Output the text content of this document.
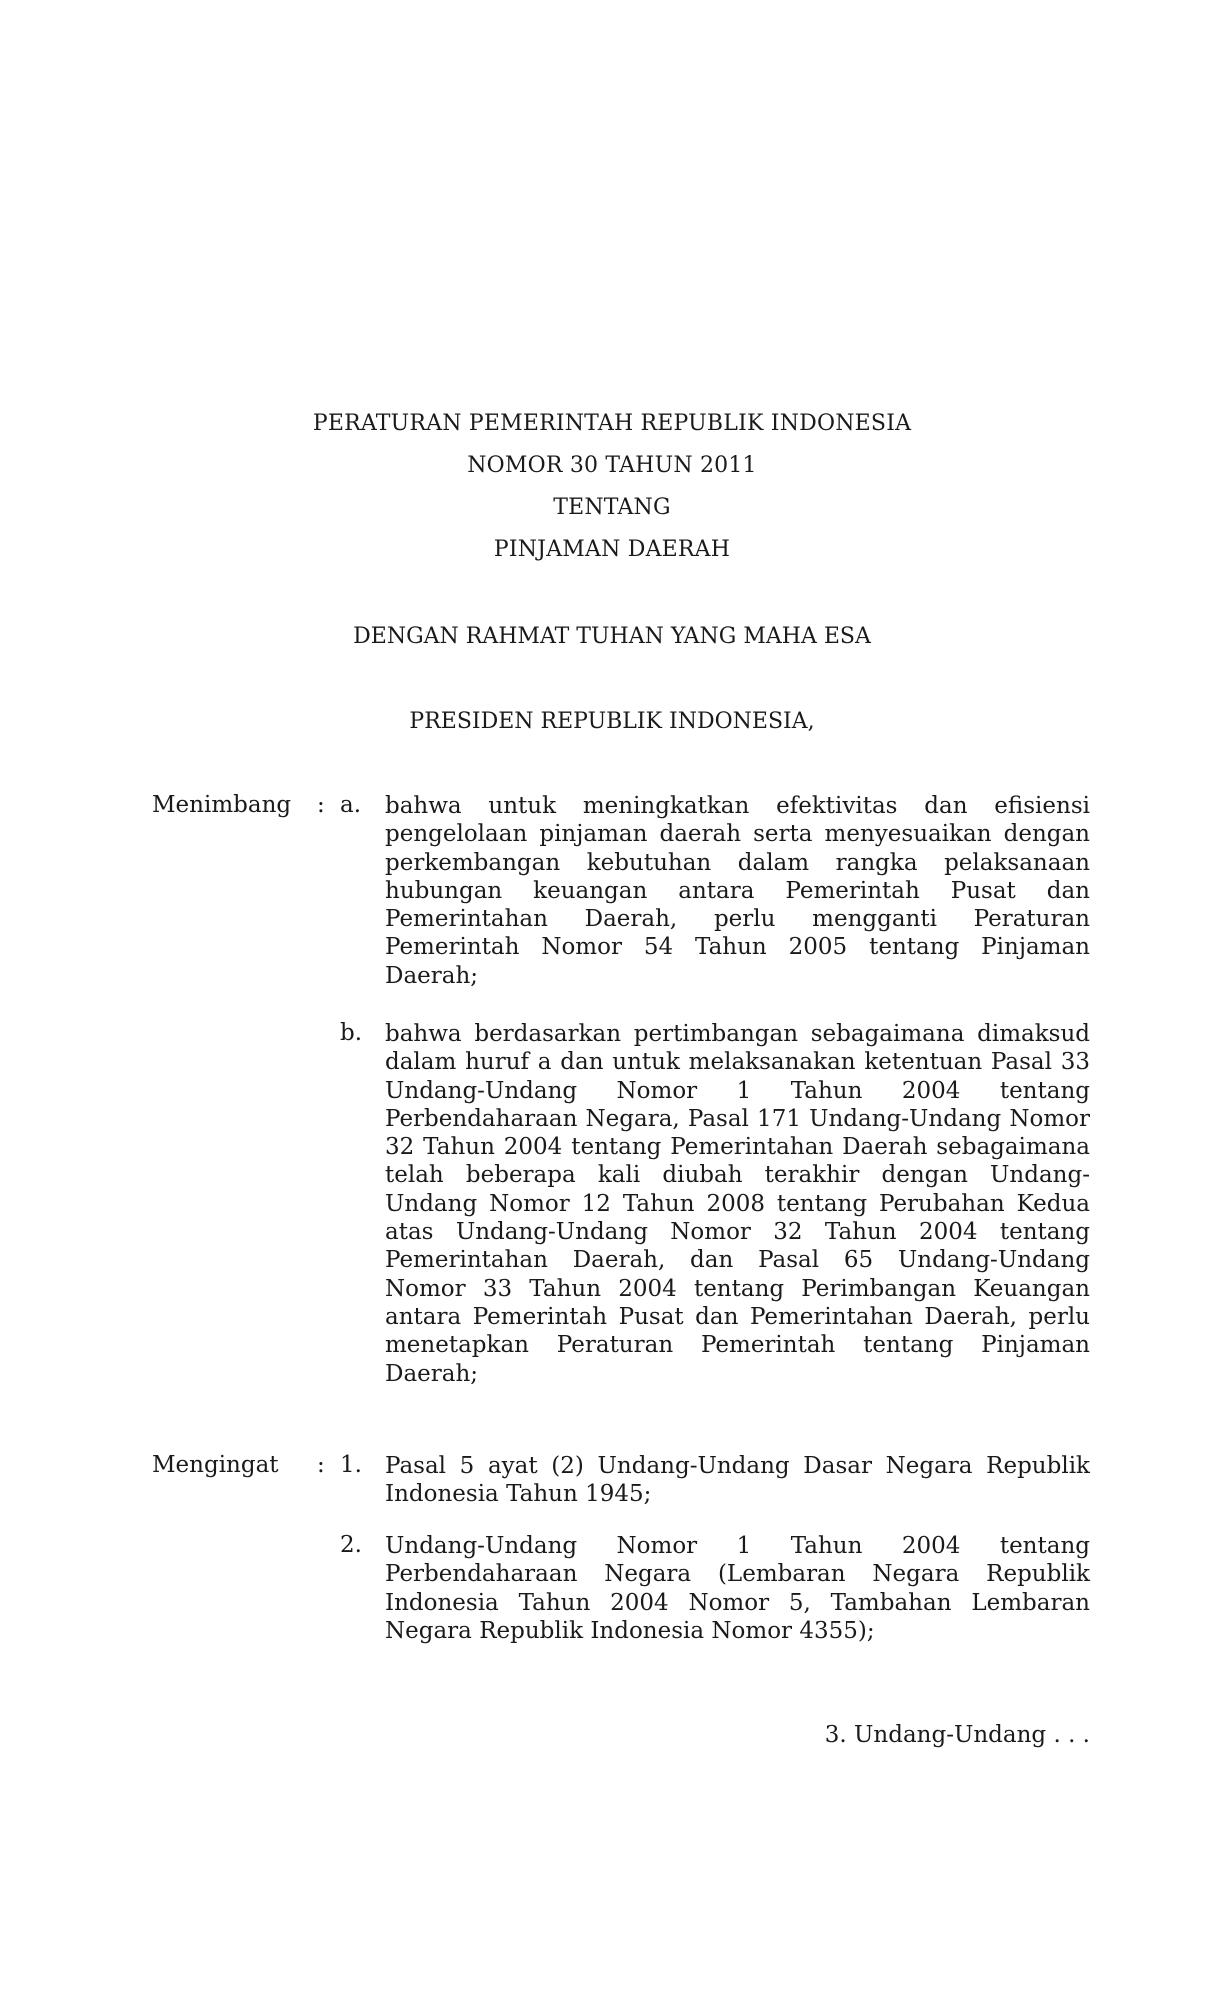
PERATURAN PEMERINTAH REPUBLIK INDONESIA
NOMOR 30 TAHUN 2011
TENTANG
PINJAMAN DAERAH
DENGAN RAHMAT TUHAN YANG MAHA ESA
PRESIDEN REPUBLIK INDONESIA,
Menimbang : a. bahwa untuk meningkatkan efektivitas dan efisiensi pengelolaan pinjaman daerah serta menyesuaikan dengan perkembangan kebutuhan dalam rangka pelaksanaan hubungan keuangan antara Pemerintah Pusat dan Pemerintahan Daerah, perlu mengganti Peraturan Pemerintah Nomor 54 Tahun 2005 tentang Pinjaman Daerah;
b. bahwa berdasarkan pertimbangan sebagaimana dimaksud dalam huruf a dan untuk melaksanakan ketentuan Pasal 33 Undang-Undang Nomor 1 Tahun 2004 tentang Perbendaharaan Negara, Pasal 171 Undang-Undang Nomor 32 Tahun 2004 tentang Pemerintahan Daerah sebagaimana telah beberapa kali diubah terakhir dengan Undang-Undang Nomor 12 Tahun 2008 tentang Perubahan Kedua atas Undang-Undang Nomor 32 Tahun 2004 tentang Pemerintahan Daerah, dan Pasal 65 Undang-Undang Nomor 33 Tahun 2004 tentang Perimbangan Keuangan antara Pemerintah Pusat dan Pemerintahan Daerah, perlu menetapkan Peraturan Pemerintah tentang Pinjaman Daerah;
Mengingat : 1. Pasal 5 ayat (2) Undang-Undang Dasar Negara Republik Indonesia Tahun 1945;
2. Undang-Undang Nomor 1 Tahun 2004 tentang Perbendaharaan Negara (Lembaran Negara Republik Indonesia Tahun 2004 Nomor 5, Tambahan Lembaran Negara Republik Indonesia Nomor 4355);
3. Undang-Undang . . .
